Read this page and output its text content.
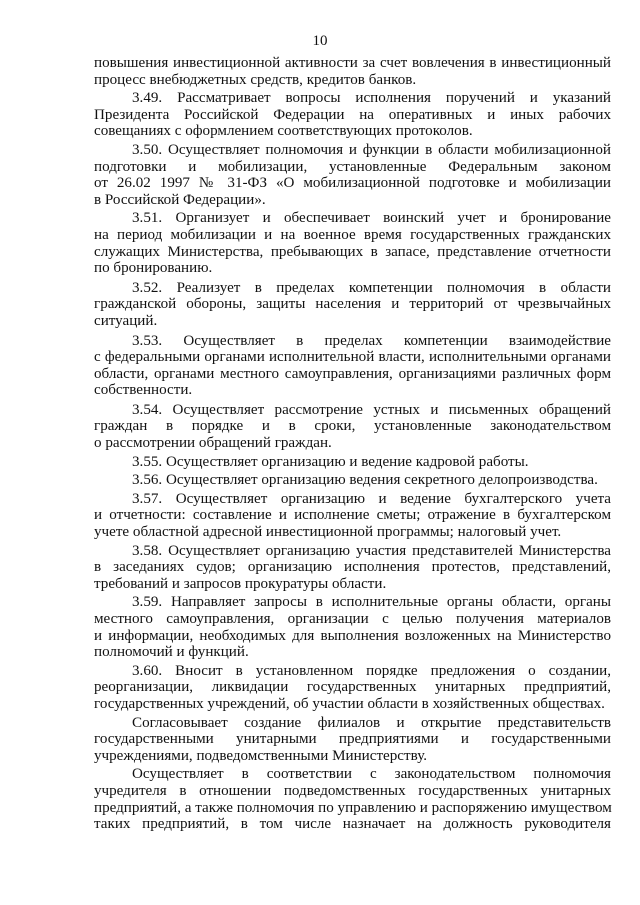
10
повышения инвестиционной активности за счет вовлечения в инвестиционный
процесс внебюджетных средств, кредитов банков.
3.49. Рассматривает вопросы исполнения поручений и указаний
Президента Российской Федерации на оперативных и иных рабочих
совещаниях с оформлением соответствующих протоколов.
3.50. Осуществляет полномочия и функции в области мобилизационной
подготовки и мобилизации, установленные Федеральным законом
от 26.02 1997 № 31-ФЗ «О мобилизационной подготовке и мобилизации
в Российской Федерации».
3.51. Организует и обеспечивает воинский учет и бронирование
на период мобилизации и на военное время государственных гражданских
служащих Министерства, пребывающих в запасе, представление отчетности
по бронированию.
3.52. Реализует в пределах компетенции полномочия в области
гражданской обороны, защиты населения и территорий от чрезвычайных
ситуаций.
3.53. Осуществляет в пределах компетенции взаимодействие
с федеральными органами исполнительной власти, исполнительными органами
области, органами местного самоуправления, организациями различных форм
собственности.
3.54. Осуществляет рассмотрение устных и письменных обращений
граждан в порядке и в сроки, установленные законодательством
о рассмотрении обращений граждан.
3.55. Осуществляет организацию и ведение кадровой работы.
3.56. Осуществляет организацию ведения секретного делопроизводства.
3.57. Осуществляет организацию и ведение бухгалтерского учета
и отчетности: составление и исполнение сметы; отражение в бухгалтерском
учете областной адресной инвестиционной программы; налоговый учет.
3.58. Осуществляет организацию участия представителей Министерства
в заседаниях судов; организацию исполнения протестов, представлений,
требований и запросов прокуратуры области.
3.59. Направляет запросы в исполнительные органы области, органы
местного самоуправления, организации с целью получения материалов
и информации, необходимых для выполнения возложенных на Министерство
полномочий и функций.
3.60. Вносит в установленном порядке предложения о создании,
реорганизации, ликвидации государственных унитарных предприятий,
государственных учреждений, об участии области в хозяйственных обществах.
Согласовывает создание филиалов и открытие представительств
государственными унитарными предприятиями и государственными
учреждениями, подведомственными Министерству.
Осуществляет в соответствии с законодательством полномочия
учредителя в отношении подведомственных государственных унитарных
предприятий, а также полномочия по управлению и распоряжению имуществом
таких предприятий, в том числе назначает на должность руководителя
